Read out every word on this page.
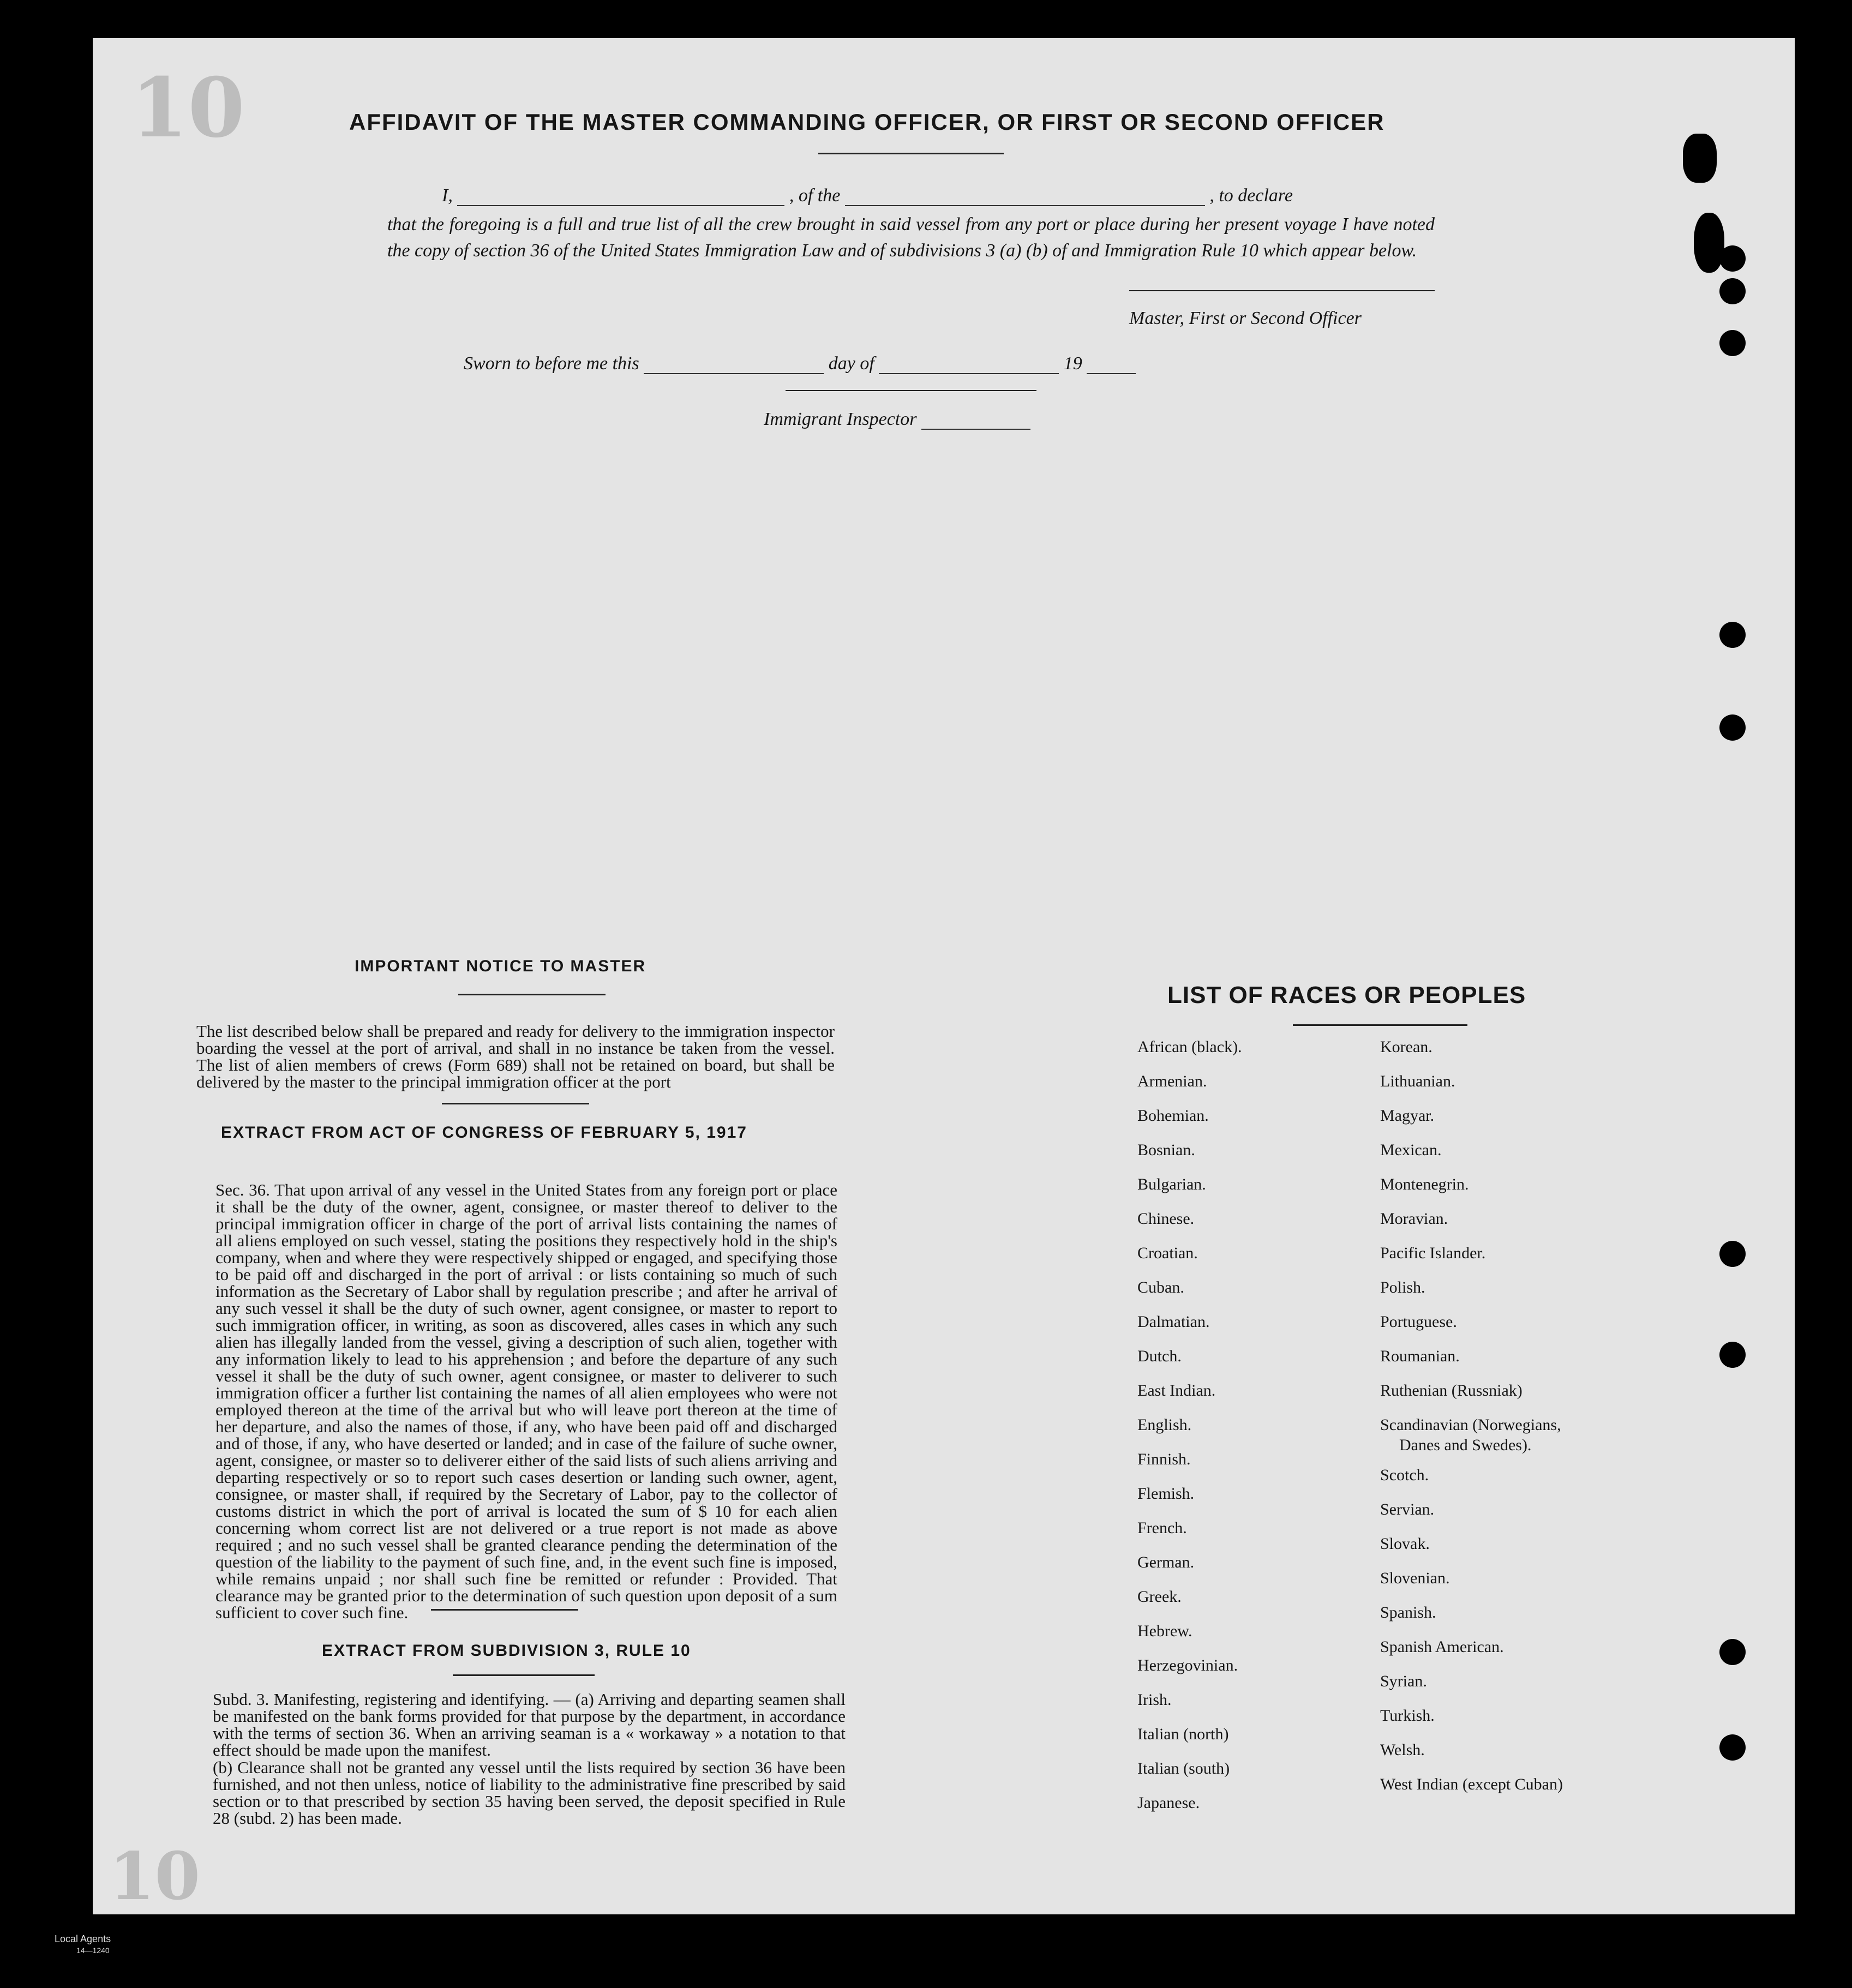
10
10
AFFIDAVIT OF THE MASTER COMMANDING OFFICER, OR FIRST OR SECOND OFFICER
I,	, of the	, to declare
that the foregoing is a full and true list of all the crew brought in said vessel from any port or place during her present voyage I have noted the copy of section 36 of the United States Immigration Law and of subdivisions 3 (a) (b) of and Immigration Rule 10 which appear below.
Master, First or Second Officer
Sworn to before me this	day of	19
Immigrant Inspector
IMPORTANT NOTICE TO MASTER
The list described below shall be prepared and ready for delivery to the immigration inspector boarding the vessel at the port of arrival, and shall in no instance be taken from the vessel. The list of alien members of crews (Form 689) shall not be retained on board, but shall be delivered by the master to the principal immigration officer at the port
EXTRACT FROM ACT OF CONGRESS OF FEBRUARY 5, 1917
Sec. 36. That upon arrival of any vessel in the United States from any foreign port or place it shall be the duty of the owner, agent, consignee, or master thereof to deliver to the principal immigration officer in charge of the port of arrival lists containing the names of all aliens employed on such vessel, stating the positions they respectively hold in the ship's company, when and where they were respectively shipped or engaged, and specifying those to be paid off and discharged in the port of arrival : or lists containing so much of such information as the Secretary of Labor shall by regulation prescribe ; and after he arrival of any such vessel it shall be the duty of such owner, agent consignee, or master to report to such immigration officer, in writing, as soon as discovered, alles cases in which any such alien has illegally landed from the vessel, giving a description of such alien, together with any information likely to lead to his apprehension ; and before the departure of any such vessel it shall be the duty of such owner, agent consignee, or master to deliverer to such immigration officer a further list containing the names of all alien employees who were not employed thereon at the time of the arrival but who will leave port thereon at the time of her departure, and also the names of those, if any, who have been paid off and discharged and of those, if any, who have deserted or landed; and in case of the failure of suche owner, agent, consignee, or master so to deliverer either of the said lists of such aliens arriving and departing respectively or so to report such cases desertion or landing such owner, agent, consignee, or master shall, if required by the Secretary of Labor, pay to the collector of customs district in which the port of arrival is located the sum of $ 10 for each alien concerning whom correct list are not delivered or a true report is not made as above required ; and no such vessel shall be granted clearance pending the determination of the question of the liability to the payment of such fine, and, in the event such fine is imposed, while remains unpaid ; nor shall such fine be remitted or refunder : Provided. That clearance may be granted prior to the determination of such question upon deposit of a sum sufficient to cover such fine.
EXTRACT FROM SUBDIVISION 3, RULE 10
Subd. 3. Manifesting, registering and identifying. — (a) Arriving and departing seamen shall be manifested on the bank forms provided for that purpose by the department, in accordance with the terms of section 36. When an arriving seaman is a « workaway » a notation to that effect should be made upon the manifest.
(b) Clearance shall not be granted any vessel until the lists required by section 36 have been furnished, and not then unless, notice of liability to the administrative fine prescribed by said section or to that prescribed by section 35 having been served, the deposit specified in Rule 28 (subd. 2) has been made.
LIST OF RACES OR PEOPLES
African (black).
Armenian.
Bohemian.
Bosnian.
Bulgarian.
Chinese.
Croatian.
Cuban.
Dalmatian.
Dutch.
East Indian.
English.
Finnish.
Flemish.
French.
German.
Greek.
Hebrew.
Herzegovinian.
Irish.
Italian (north)
Italian (south)
Japanese.
Korean.
Lithuanian.
Magyar.
Mexican.
Montenegrin.
Moravian.
Pacific Islander.
Polish.
Portuguese.
Roumanian.
Ruthenian (Russniak)
Scandinavian (Norwegians,
Danes and Swedes).
Scotch.
Servian.
Slovak.
Slovenian.
Spanish.
Spanish American.
Syrian.
Turkish.
Welsh.
West Indian (except Cuban)
Local Agents
14—1240
